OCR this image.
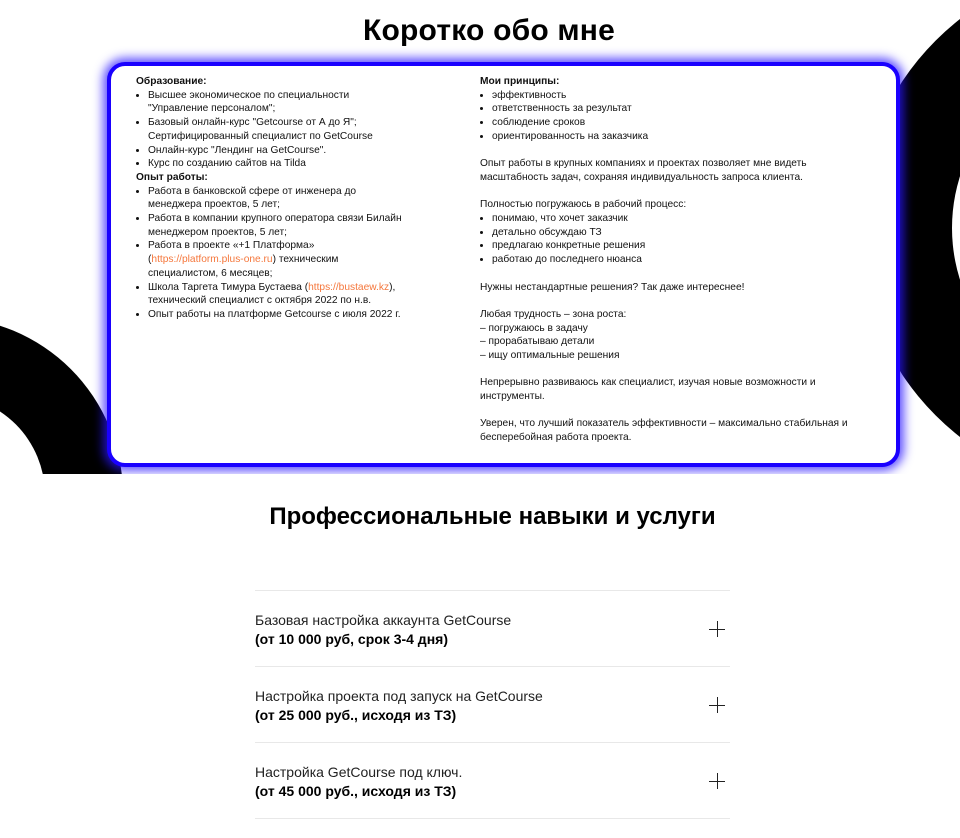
Коротко обо мне
Образование:
• Высшее экономическое по специальности "Управление персоналом";
• Базовый онлайн-курс "Getcourse от А до Я"; Сертифицированный специалист по GetCourse
• Онлайн-курс "Лендинг на GetCourse".
• Курс по созданию сайтов на Tilda
Опыт работы:
• Работа в банковской сфере от инженера до менеджера проектов, 5 лет;
• Работа в компании крупного оператора связи Билайн менеджером проектов, 5 лет;
• Работа в проекте «+1 Платформа» (https://platform.plus-one.ru) техническим специалистом, 6 месяцев;
• Школа Таргета Тимура Бустаева (https://bustaew.kz), технический специалист с октября 2022 по н.в.
• Опыт работы на платформе Getcourse с июля 2022 г.
Мои принципы:
• эффективность
• ответственность за результат
• соблюдение сроков
• ориентированность на заказчика

Опыт работы в крупных компаниях и проектах позволяет мне видеть масштабность задач, сохраняя индивидуальность запроса клиента.

Полностью погружаюсь в рабочий процесс:

• понимаю, что хочет заказчик
• детально обсуждаю ТЗ
• предлагаю конкретные решения
• работаю до последнего нюанса

Нужны нестандартные решения? Так даже интереснее!

Любая трудность – зона роста:

– погружаюсь в задачу

– прорабатываю детали

– ищу оптимальные решения

Непрерывно развиваюсь как специалист, изучая новые возможности и инструменты.

Уверен, что лучший показатель эффективности – максимально стабильная и бесперебойная работа проекта.

Профессиональные навыки и услуги
Базовая настройка аккаунта GetCourse
(от 10 000 руб, срок 3-4 дня)
Настройка проекта под запуск на GetCourse
(от 25 000 руб., исходя из ТЗ)
Настройка GetCourse под ключ.
(от 45 000 руб., исходя из ТЗ)
